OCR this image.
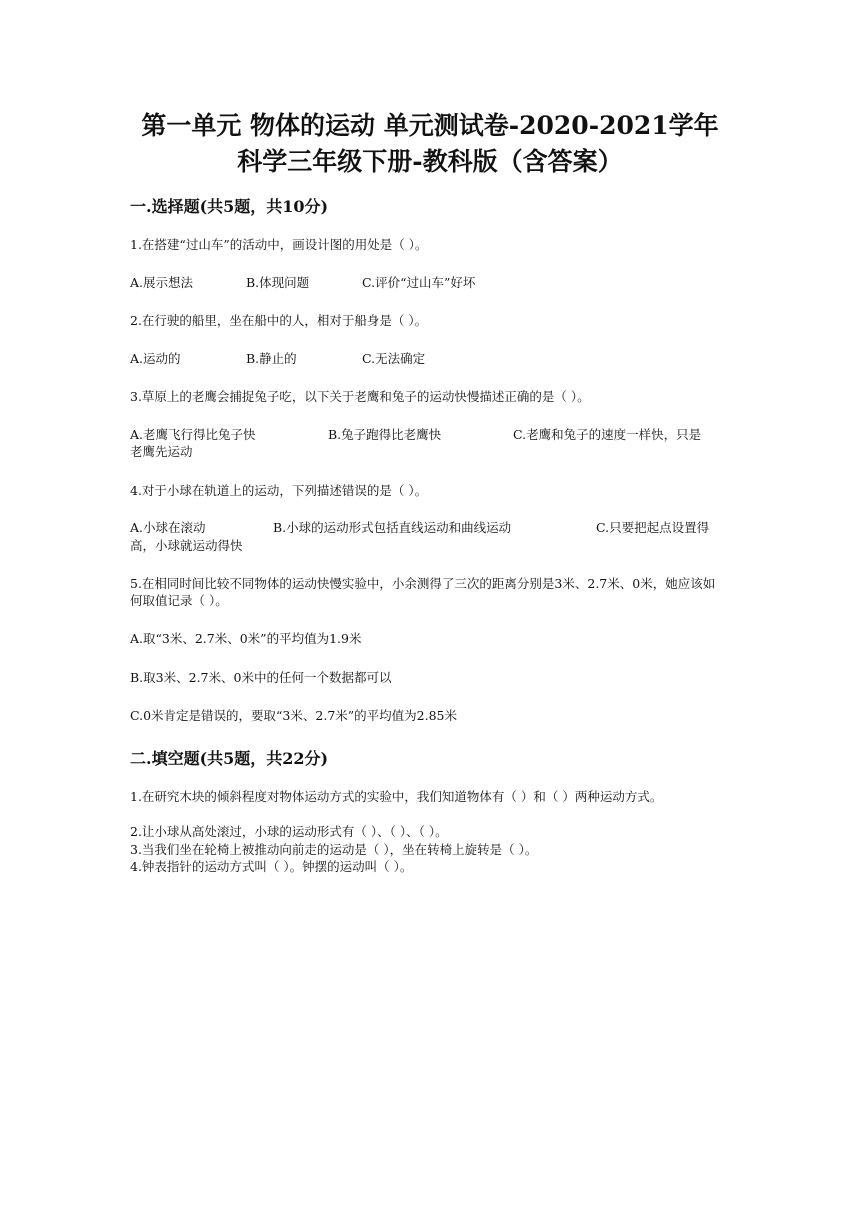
第一单元 物体的运动 单元测试卷-2020-2021学年
科学三年级下册-教科版（含答案）
一.选择题(共5题，共10分)
1.在搭建“过山车”的活动中，画设计图的用处是（ ）。
A.展示想法	B.体现问题	C.评价“过山车”好坏
2.在行驶的船里，坐在船中的人，相对于船身是（ ）。
A.运动的	B.静止的	C.无法确定
3.草原上的老鹰会捕捉兔子吃，以下关于老鹰和兔子的运动快慢描述正确的是（ ）。
A.老鹰飞行得比兔子快	B.兔子跑得比老鹰快	C.老鹰和兔子的速度一样快，只是
老鹰先运动
4.对于小球在轨道上的运动，下列描述错误的是（ ）。
A.小球在滚动	B.小球的运动形式包括直线运动和曲线运动	C.只要把起点设置得
高，小球就运动得快
5.在相同时间比较不同物体的运动快慢实验中，小余测得了三次的距离分别是3米、2.7米、0米，她应该如何取值记录（ ）。
A.取“3米、2.7米、0米”的平均值为1.9米
B.取3米、2.7米、0米中的任何一个数据都可以
C.0米肯定是错误的，要取“3米、2.7米”的平均值为2.85米
二.填空题(共5题，共22分)
1.在研究木块的倾斜程度对物体运动方式的实验中，我们知道物体有（ ）和（ ）两种运动方式。
2.让小球从高处滚过，小球的运动形式有（ ）、（ ）、（ ）。
3.当我们坐在轮椅上被推动向前走的运动是（ ），坐在转椅上旋转是（ ）。
4.钟表指针的运动方式叫（ ）。钟摆的运动叫（ ）。
